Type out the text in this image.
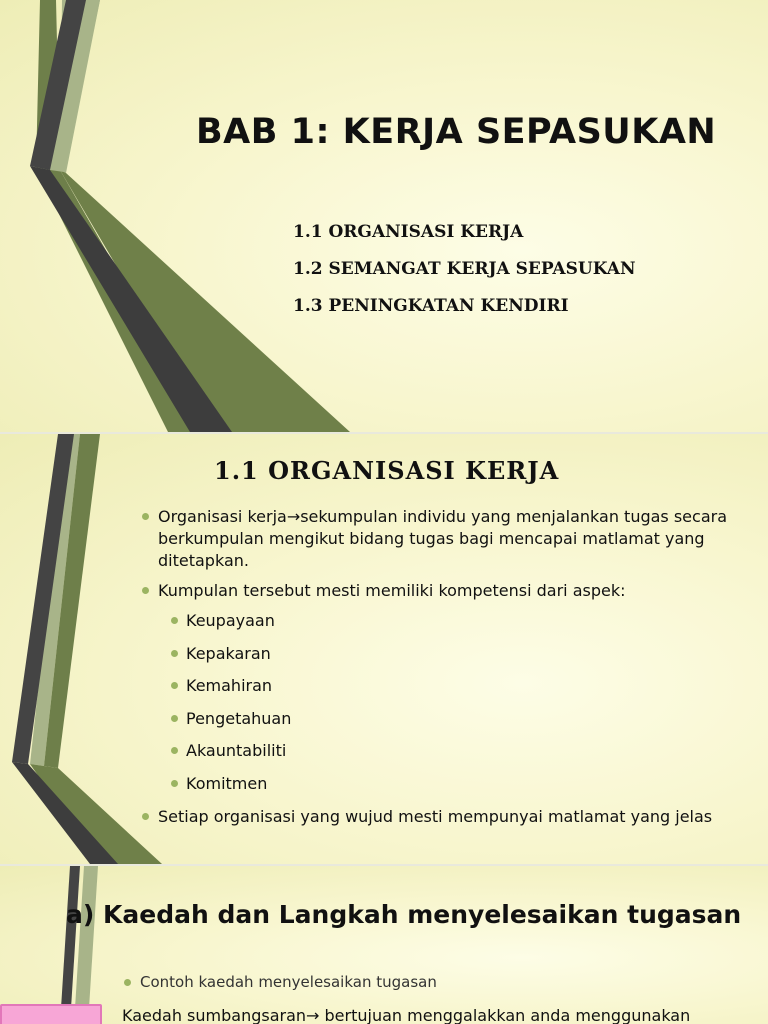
BAB 1: KERJA SEPASUKAN
1.1 ORGANISASI KERJA
1.2 SEMANGAT KERJA SEPASUKAN
1.3 PENINGKATAN KENDIRI
1.1 ORGANISASI KERJA
Organisasi kerja→sekumpulan individu yang menjalankan tugas secara berkumpulan mengikut bidang tugas bagi mencapai matlamat yang ditetapkan.
Kumpulan tersebut mesti memiliki kompetensi dari aspek:
Keupayaan
Kepakaran
Kemahiran
Pengetahuan
Akauntabiliti
Komitmen
Setiap organisasi yang wujud mesti mempunyai matlamat yang jelas
a) Kaedah dan Langkah menyelesaikan tugasan
Contoh kaedah menyelesaikan tugasan
Kaedah sumbangsaran→ bertujuan menggalakkan anda menggunakan
